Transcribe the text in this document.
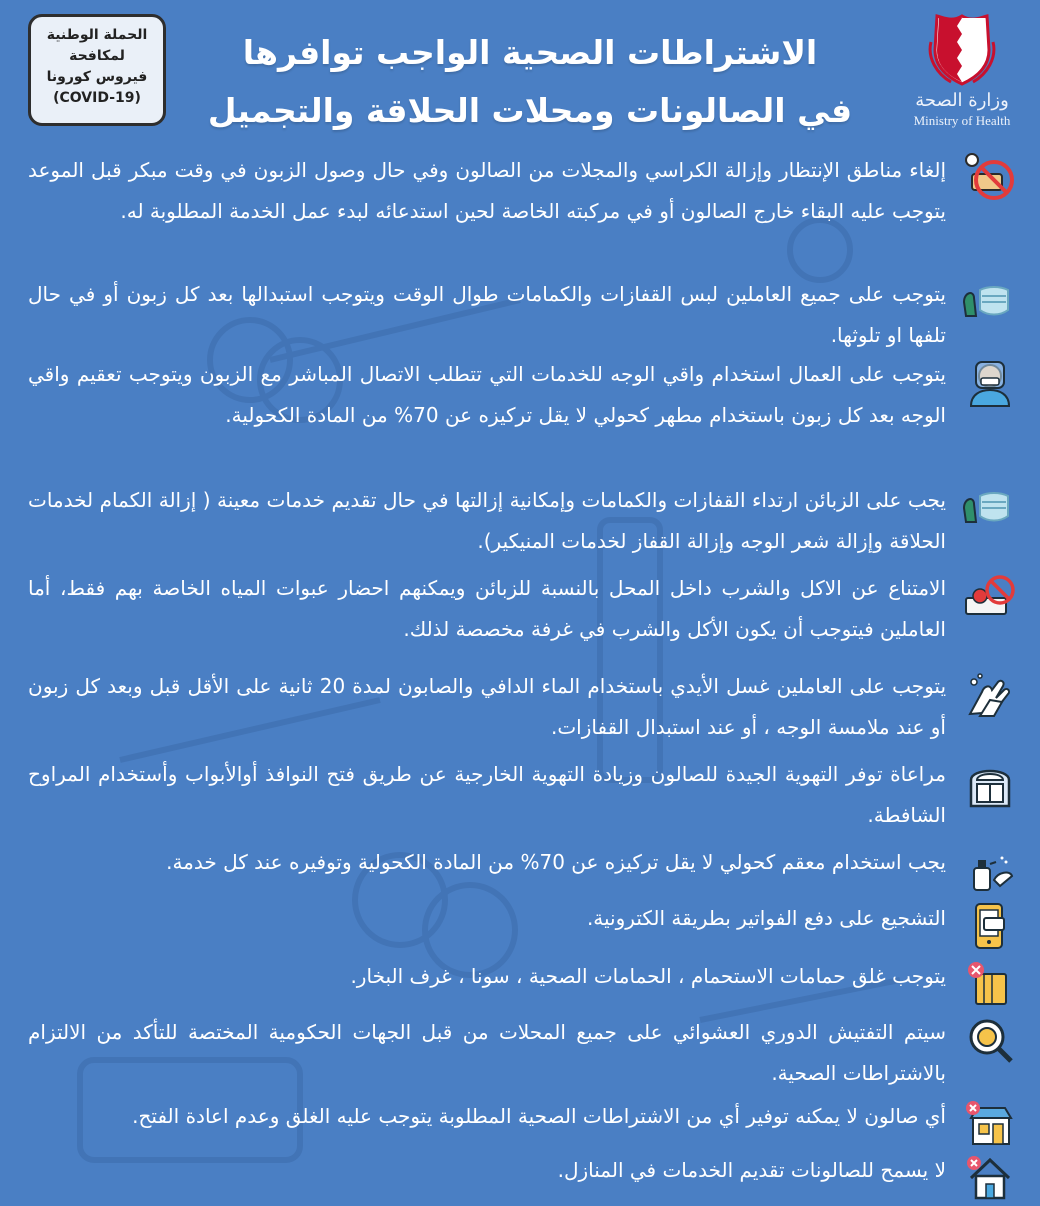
وزارة الصحة
Ministry of Health
الاشتراطات الصحية الواجب توافرها
في الصالونات ومحلات الحلاقة والتجميل
الحملة الوطنية
لمكافحة
فيروس كورونا
(COVID-19)
إلغاء مناطق الإنتظار وإزالة الكراسي والمجلات من الصالون وفي حال وصول الزبون في وقت مبكر قبل الموعد يتوجب عليه البقاء خارج الصالون أو في مركبته الخاصة لحين استدعائه لبدء عمل الخدمة المطلوبة له.
يتوجب على جميع العاملين لبس القفازات والكمامات طوال الوقت ويتوجب استبدالها بعد كل زبون أو في حال تلفها او تلوثها.
يتوجب على العمال استخدام واقي الوجه للخدمات التي تتطلب الاتصال المباشر مع الزبون ويتوجب تعقيم واقي الوجه بعد كل زبون باستخدام مطهر كحولي لا يقل تركيزه عن 70% من المادة الكحولية.
يجب على الزبائن ارتداء القفازات والكمامات وإمكانية إزالتها في حال تقديم خدمات معينة ( إزالة الكمام لخدمات الحلاقة وإزالة شعر الوجه وإزالة القفاز لخدمات المنيكير).
الامتناع عن الاكل والشرب داخل المحل بالنسبة للزبائن ويمكنهم احضار عبوات المياه الخاصة بهم فقط، أما العاملين فيتوجب أن يكون الأكل والشرب في غرفة مخصصة لذلك.
يتوجب على العاملين غسل الأيدي باستخدام الماء الدافي والصابون لمدة 20 ثانية على الأقل قبل وبعد كل زبون أو عند ملامسة الوجه ، أو عند استبدال القفازات.
مراعاة توفر التهوية الجيدة للصالون وزيادة التهوية الخارجية عن طريق فتح النوافذ أوالأبواب وأستخدام المراوح الشافطة.
يجب استخدام معقم كحولي لا يقل تركيزه عن 70% من المادة الكحولية وتوفيره عند كل خدمة.
التشجيع على دفع الفواتير بطريقة الكترونية.
يتوجب غلق حمامات الاستحمام ، الحمامات الصحية ، سونا ، غرف البخار.
سيتم التفتيش الدوري العشوائي على جميع المحلات من قبل الجهات الحكومية المختصة للتأكد من الالتزام بالاشتراطات الصحية.
أي صالون لا يمكنه توفير أي من الاشتراطات الصحية المطلوبة يتوجب عليه الغلق وعدم اعادة الفتح.
لا يسمح للصالونات تقديم الخدمات في المنازل.
